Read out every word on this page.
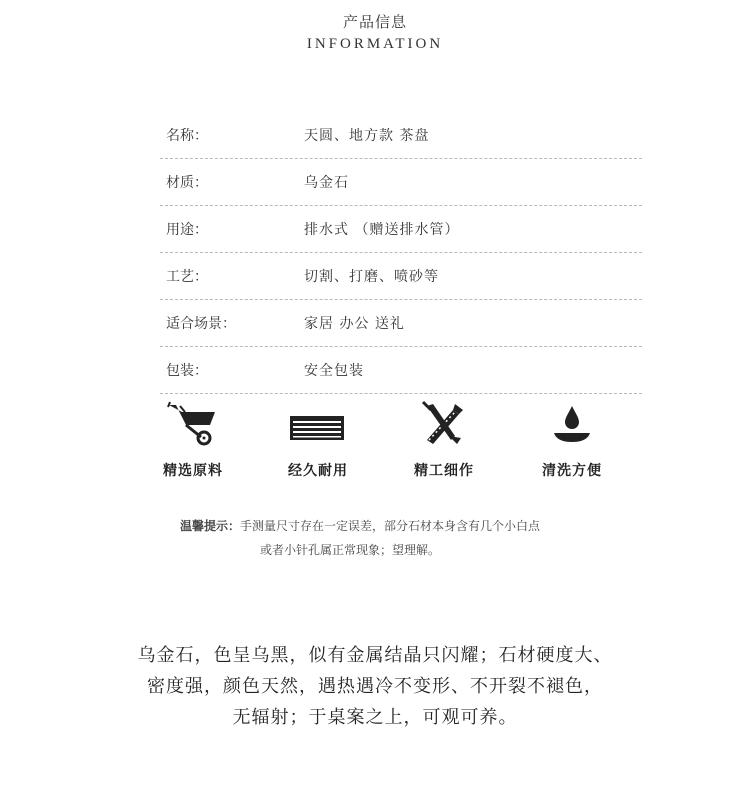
产品信息
INFORMATION
名称：	天圆、地方款 茶盘
材质：	乌金石
用途：	排水式 （赠送排水管）
工艺：	切割、打磨、喷砂等
适合场景：	家居 办公 送礼
包装：	安全包装
精选原料	经久耐用	精工细作	清洗方便
温馨提示：手测量尺寸存在一定误差，部分石材本身含有几个小白点
或者小针孔属正常现象；望理解。
乌金石，色呈乌黑，似有金属结晶只闪耀；石材硬度大、
密度强，颜色天然，遇热遇冷不变形、不开裂不褪色，
无辐射；于桌案之上，可观可养。
